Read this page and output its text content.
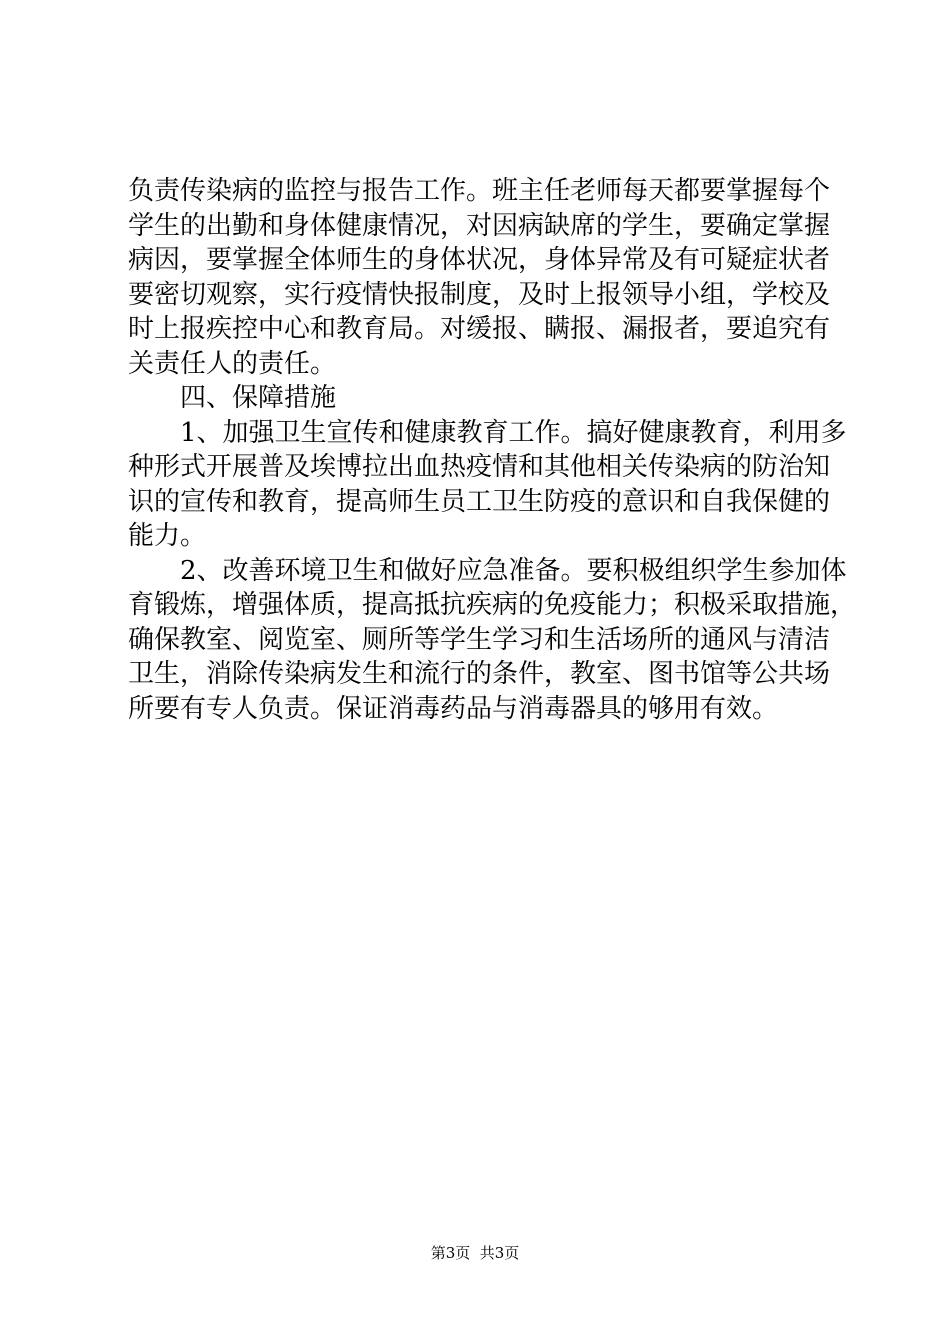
负责传染病的监控与报告工作。班主任老师每天都要掌握每个
学生的出勤和身体健康情况，对因病缺席的学生，要确定掌握
病因，要掌握全体师生的身体状况，身体异常及有可疑症状者
要密切观察，实行疫情快报制度，及时上报领导小组，学校及
时上报疾控中心和教育局。对缓报、瞒报、漏报者，要追究有
关责任人的责任。
四、保障措施
1、加强卫生宣传和健康教育工作。搞好健康教育，利用多
种形式开展普及埃博拉出血热疫情和其他相关传染病的防治知
识的宣传和教育，提高师生员工卫生防疫的意识和自我保健的
能力。
2、改善环境卫生和做好应急准备。要积极组织学生参加体
育锻炼，增强体质，提高抵抗疾病的免疫能力；积极采取措施，
确保教室、阅览室、厕所等学生学习和生活场所的通风与清洁
卫生，消除传染病发生和流行的条件，教室、图书馆等公共场
所要有专人负责。保证消毒药品与消毒器具的够用有效。
第3页  共3页
